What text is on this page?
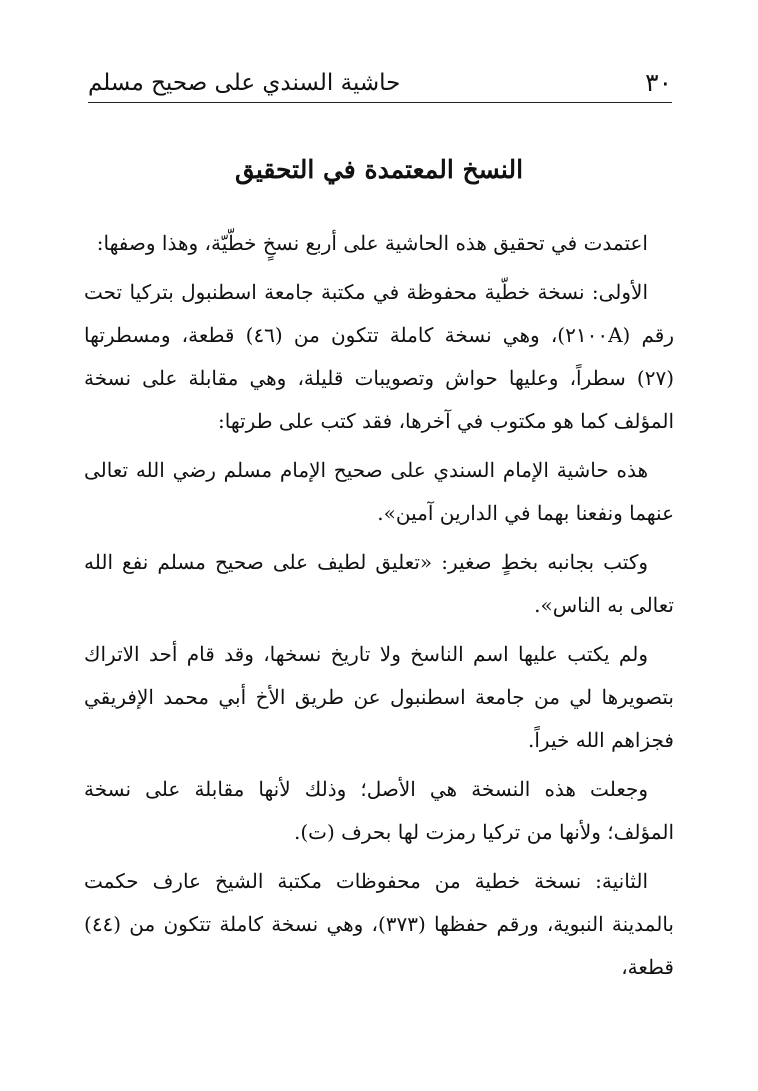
٣٠
حاشية السندي على صحيح مسلم
النسخ المعتمدة في التحقيق

اعتمدت في تحقيق هذه الحاشية على أربع نسخٍ خطّيّة، وهذا وصفها:

الأولى: نسخة خطّية محفوظة في مكتبة جامعة اسطنبول بتركيا تحت رقم (٢١٠٠A)، وهي نسخة كاملة تتكون من (٤٦) قطعة، ومسطرتها (٢٧) سطراً، وعليها حواش وتصويبات قليلة، وهي مقابلة على نسخة المؤلف كما هو مكتوب في آخرها، فقد كتب على طرتها:

هذه حاشية الإمام السندي على صحيح الإمام مسلم رضي الله تعالى عنهما ونفعنا بهما في الدارين آمين».

وكتب بجانبه بخطٍ صغير: «تعليق لطيف على صحيح مسلم نفع الله تعالى به الناس».

ولم يكتب عليها اسم الناسخ ولا تاريخ نسخها، وقد قام أحد الاتراك بتصويرها لي من جامعة اسطنبول عن طريق الأخ أبي محمد الإفريقي فجزاهم الله خيراً.

وجعلت هذه النسخة هي الأصل؛ وذلك لأنها مقابلة على نسخة المؤلف؛ ولأنها من تركيا رمزت لها بحرف (ت).

الثانية: نسخة خطية من محفوظات مكتبة الشيخ عارف حكمت بالمدينة النبوية، ورقم حفظها (٣٧٣)، وهي نسخة كاملة تتكون من (٤٤) قطعة،
